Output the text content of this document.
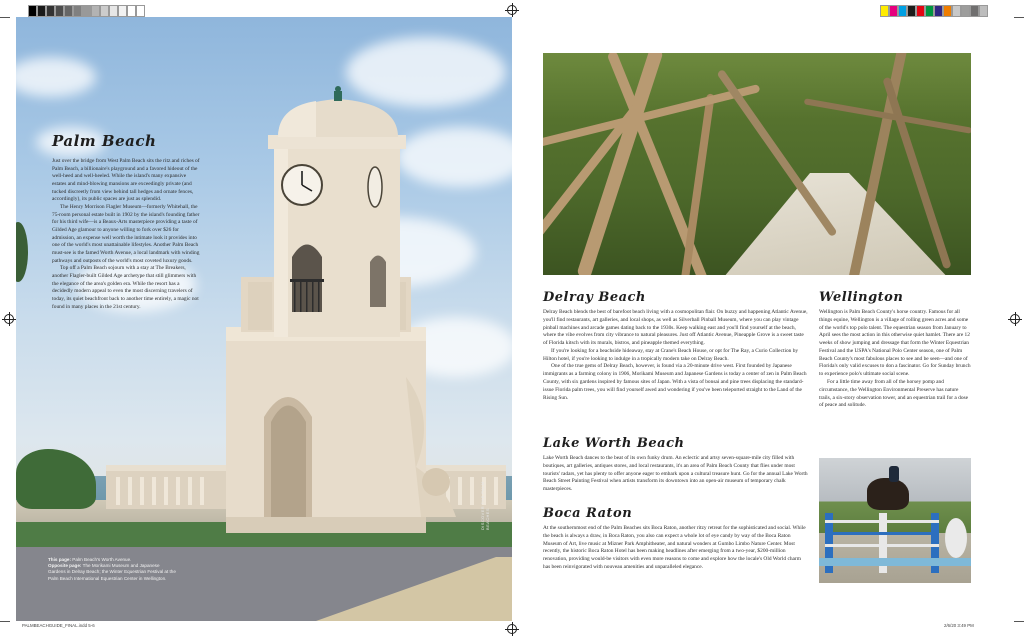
Palm Beach

Just over the bridge from West Palm Beach sits the ritz and riches of Palm Beach, a billionaire's playground and a favored hideout of the well-heed and well-heeled. While the island's many expansive estates and mind-blowing mansions are exceedingly private (and tucked discreetly from view behind tall hedges and ornate fences, accordingly), its public spaces are just as splendid.

The Henry Morrison Flagler Museum—formerly Whitehall, the 75-room personal estate built in 1902 by the island's founding father for his third wife—is a Beaux-Arts masterpiece providing a taste of Gilded Age glamour to anyone willing to fork over $26 for admission, an expense well worth the intimate look it provides into one of the world's most unattainable lifestyles. Another Palm Beach must-see is the famed Worth Avenue, a local landmark with winding pathways and outposts of the world's most coveted luxury goods.

Top off a Palm Beach sojourn with a stay at The Breakers, another Flagler-built Gilded Age archetype that still glimmers with the elegance of the area's golden era. While the resort has a decidedly modern appeal to even the most discerning travelers of today, its quiet beachfront back to another time entirely, a magic not found in many places in the 21st century.

This page: Palm Beach's Worth Avenue.
Opposite page: The Morikami Museum and Japanese Gardens in Delray Beach; the Winter Equestrian Festival at the Palm Beach International Equestrian Center in Wellington.
DISCOVER THE PALM BEACHES
Delray Beach

Delray Beach blends the best of barefoot beach living with a cosmopolitan flair. On buzzy and happening Atlantic Avenue, you'll find restaurants, art galleries, and local shops, as well as Silverball Pinball Museum, where you can play vintage pinball machines and arcade games dating back to the 1930s. Keep walking east and you'll find yourself at the beach, where the vibe evolves from city vibrance to natural pleasures. Just off Atlantic Avenue, Pineapple Grove is a sweet taste of Florida kitsch with its murals, bistros, and pineapple themed everything.

If you're looking for a beachside hideaway, stay at Crane's Beach House, or opt for The Ray, a Curio Collection by Hilton hotel, if you're looking to indulge in a tropically modern take on Delray Beach.

One of the true gems of Delray Beach, however, is found via a 20-minute drive west. First founded by Japanese immigrants as a farming colony in 1906, Morikami Museum and Japanese Gardens is today a center of zen in Palm Beach County, with six gardens inspired by famous sites of Japan. With a vista of bonsai and pine trees displacing the standard-issue Florida palm trees, you will find yourself awed and wondering if you've been teleported straight to the Land of the Rising Sun.

Lake Worth Beach

Lake Worth Beach dances to the beat of its own funky drum. An eclectic and artsy seven-square-mile city filled with boutiques, art galleries, antiques stores, and local restaurants, it's an area of Palm Beach County that flies under most tourists' radars, yet has plenty to offer anyone eager to embark upon a cultural treasure hunt. Go for the annual Lake Worth Beach Street Painting Festival when artists transform its downtown into an open-air museum of temporary chalk masterpieces.

Boca Raton

At the southernmost end of the Palm Beaches sits Boca Raton, another ritzy retreat for the sophisticated and social. While the beach is always a draw, in Boca Raton, you also can expect a whole lot of eye candy by way of the Boca Raton Museum of Art, live music at Mizner Park Amphitheater, and natural wonders at Gumbo Limbo Nature Center. Most recently, the historic Boca Raton Hotel has been making headlines after emerging from a two-year, $200-million renovation, providing would-be visitors with even more reasons to come and explore how the locale's Old World charm has been reinvigorated with nouveau amenities and unparalleled elegance.

Wellington

Wellington is Palm Beach County's horse country. Famous for all things equine, Wellington is a village of rolling green acres and some of the world's top polo talent. The equestrian season from January to April sees the most action in this otherwise quiet hamlet. There are 12 weeks of show jumping and dressage that form the Winter Equestrian Festival and the USPA's National Polo Center season, one of Palm Beach County's most fabulous places to see and be seen—and one of Florida's only valid excuses to don a fascinator. Go for Sunday brunch to experience polo's ultimate social scene.

For a little time away from all of the horsey pomp and circumstance, the Wellington Environmental Preserve has nature trails, a six-story observation tower, and an equestrian trail for a dose of peace and solitude.

PALMBEACHGUIDE_FINAL.indd 5-6	2/6/20 3:49 PM
